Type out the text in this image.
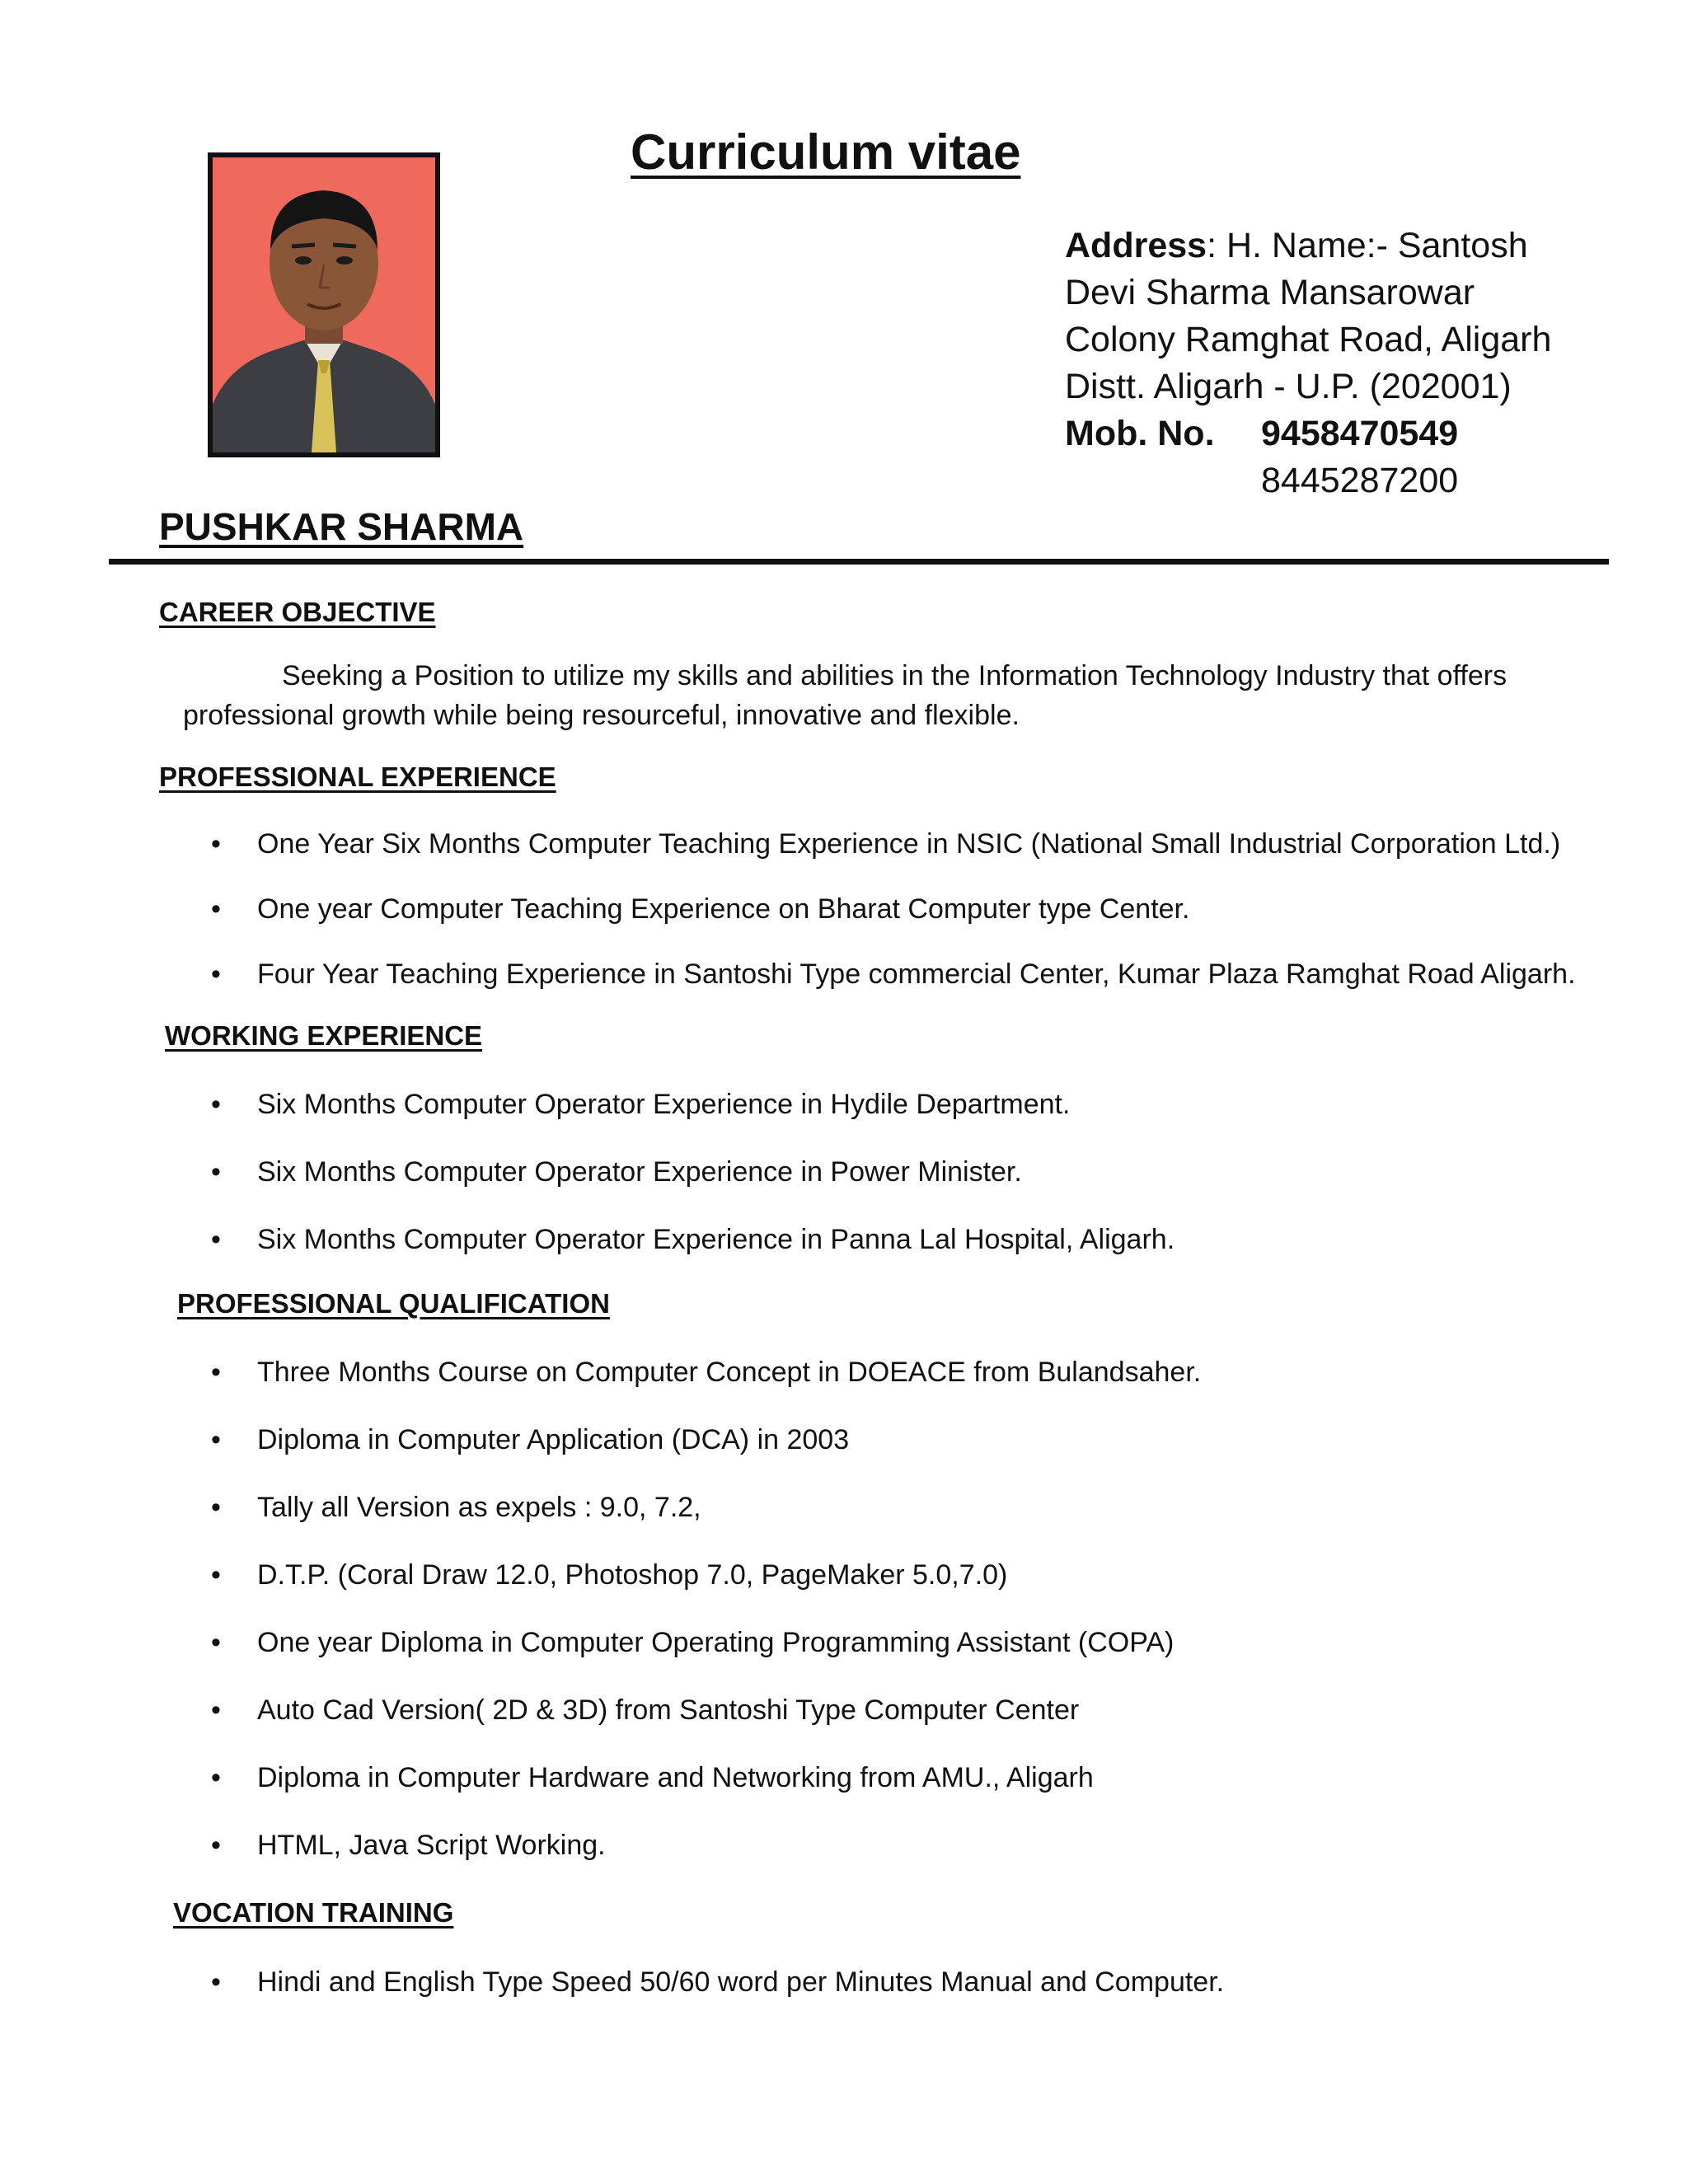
Curriculum vitae
Address: H. Name:- Santosh
Devi Sharma Mansarowar
Colony Ramghat Road, Aligarh
Distt. Aligarh - U.P. (202001)
Mob. No.	9458470549
8445287200
PUSHKAR SHARMA
CAREER OBJECTIVE

Seeking a Position to utilize my skills and abilities in the Information Technology Industry that offers professional growth while being resourceful, innovative and flexible.

PROFESSIONAL EXPERIENCE
• One Year Six Months Computer Teaching Experience in NSIC (National Small Industrial Corporation Ltd.)
• One year Computer Teaching Experience on Bharat Computer type Center.
• Four Year Teaching Experience in Santoshi Type commercial Center, Kumar Plaza Ramghat Road Aligarh.
WORKING EXPERIENCE
• Six Months Computer Operator Experience in Hydile Department.
• Six Months Computer Operator Experience in Power Minister.
• Six Months Computer Operator Experience in Panna Lal Hospital, Aligarh.
PROFESSIONAL QUALIFICATION
• Three Months Course on Computer Concept in DOEACE from Bulandsaher.
• Diploma in Computer Application (DCA) in 2003
• Tally all Version as expels : 9.0, 7.2,
• D.T.P. (Coral Draw 12.0, Photoshop 7.0, PageMaker 5.0,7.0)
• One year Diploma in Computer Operating Programming Assistant (COPA)
• Auto Cad Version( 2D & 3D) from Santoshi Type Computer Center
• Diploma in Computer Hardware and Networking from AMU., Aligarh
• HTML, Java Script Working.
VOCATION TRAINING
• Hindi and English Type Speed 50/60 word per Minutes Manual and Computer.
